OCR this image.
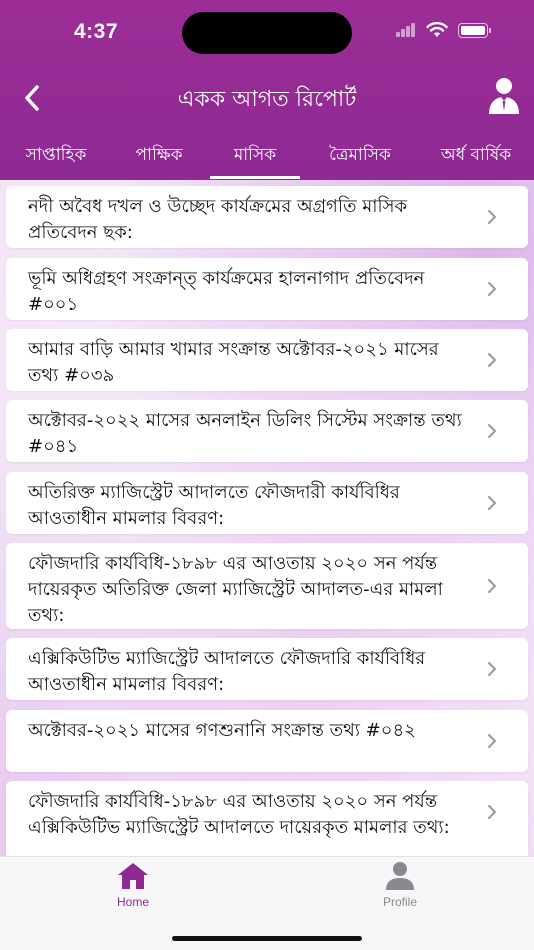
4:37
একক আগত রিপোর্ট
সাপ্তাহিক	পাক্ষিক	মাসিক	ত্রৈমাসিক	অর্ধ বার্ষিক
নদী অবৈধ দখল ও উচ্ছেদ কার্যক্রমের অগ্রগতি মাসিক প্রতিবেদন ছক:
ভূমি অধিগ্রহণ সংক্রান্ত্ কার্যক্রমের হালনাগাদ প্রতিবেদন #০০১
আমার বাড়ি আমার খামার সংক্রান্ত অক্টোবর-২০২১ মাসের তথ্য #০৩৯
অক্টোবর-২০২২ মাসের অনলাইন ডিলিং সিস্টেম সংক্রান্ত তথ্য #০৪১
অতিরিক্ত ম্যাজিস্ট্রেট আদালতে ফৌজদারী কার্যবিধির আওতাধীন মামলার বিবরণ:
ফৌজদারি কার্যবিধি-১৮৯৮ এর আওতায় ২০২০ সন পর্যন্ত দায়েরকৃত অতিরিক্ত জেলা ম্যাজিস্ট্রেট আদালত-এর মামলা তথ্য:
এক্সিকিউটিভ ম্যাজিস্ট্রেট আদালতে ফৌজদারি কার্যবিধির আওতাধীন মামলার বিবরণ:
অক্টোবর-২০২১ মাসের গণশুনানি সংক্রান্ত তথ্য #০৪২
ফৌজদারি কার্যবিধি-১৮৯৮ এর আওতায় ২০২০ সন পর্যন্ত এক্সিকিউটিভ ম্যাজিস্ট্রেট আদালতে দায়েরকৃত মামলার তথ্য:
Home	Profile
